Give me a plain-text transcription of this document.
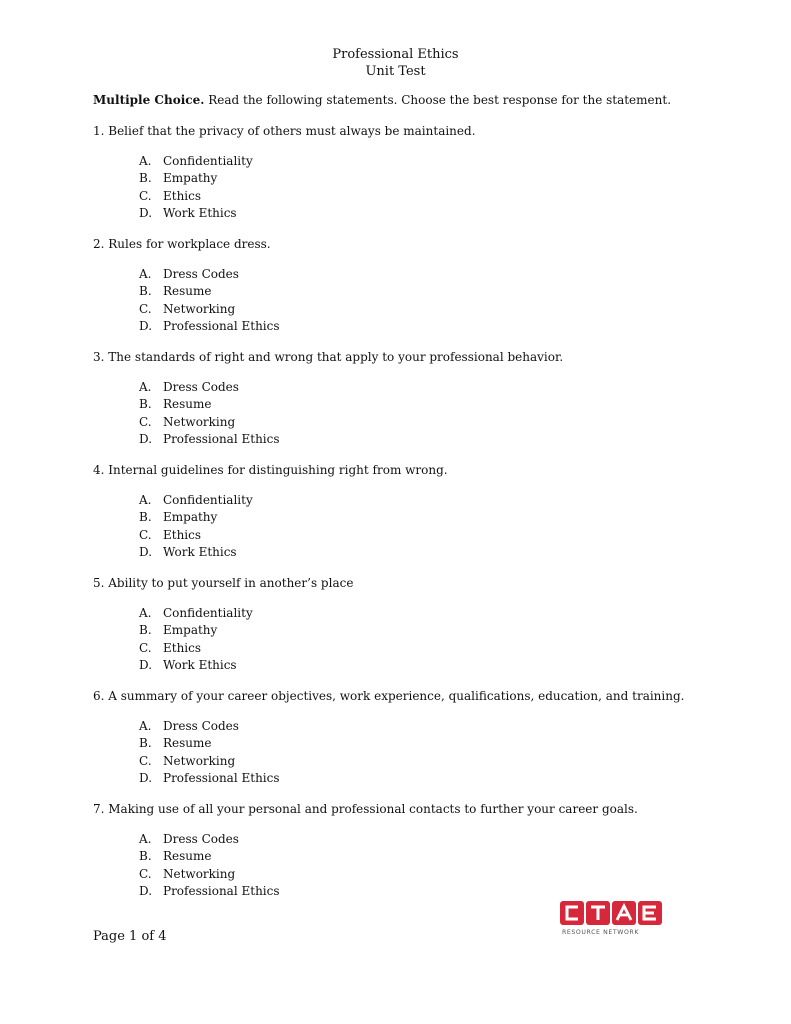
Professional Ethics
Unit Test
Multiple Choice. Read the following statements. Choose the best response for the statement.
1. Belief that the privacy of others must always be maintained.
A. Confidentiality
B. Empathy
C. Ethics
D. Work Ethics
2. Rules for workplace dress.
A. Dress Codes
B. Resume
C. Networking
D. Professional Ethics
3. The standards of right and wrong that apply to your professional behavior.
A. Dress Codes
B. Resume
C. Networking
D. Professional Ethics
4. Internal guidelines for distinguishing right from wrong.
A. Confidentiality
B. Empathy
C. Ethics
D. Work Ethics
5. Ability to put yourself in another’s place
A. Confidentiality
B. Empathy
C. Ethics
D. Work Ethics
6. A summary of your career objectives, work experience, qualifications, education, and training.
A. Dress Codes
B. Resume
C. Networking
D. Professional Ethics
7. Making use of all your personal and professional contacts to further your career goals.
A. Dress Codes
B. Resume
C. Networking
D. Professional Ethics
Page 1 of 4	RESOURCE NETWORK
